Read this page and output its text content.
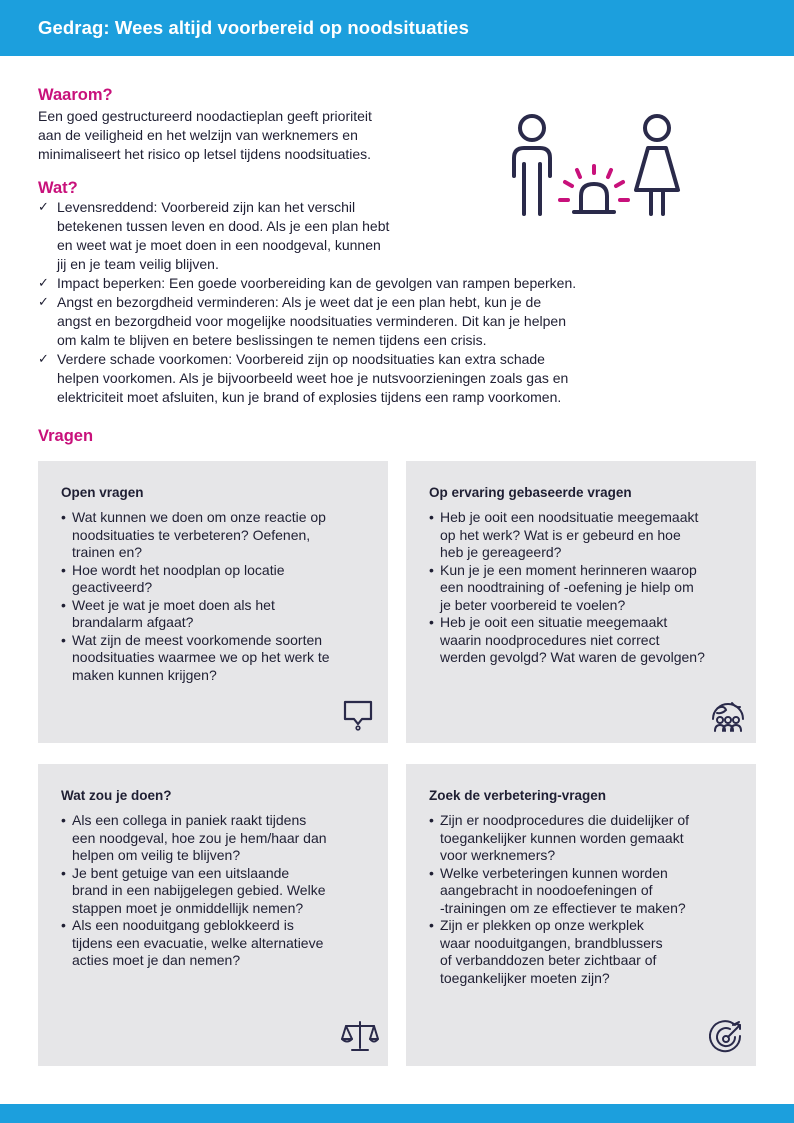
Gedrag: Wees altijd voorbereid op noodsituaties
Waarom?

Een goed gestructureerd noodactieplan geeft prioriteit
aan de veiligheid en het welzijn van werknemers en
minimaliseert het risico op letsel tijdens noodsituaties.

Wat?
✓ Levensreddend: Voorbereid zijn kan het verschil
betekenen tussen leven en dood. Als je een plan hebt
en weet wat je moet doen in een noodgeval, kunnen
jij en je team veilig blijven.
✓ Impact beperken: Een goede voorbereiding kan de gevolgen van rampen beperken.
✓ Angst en bezorgdheid verminderen: Als je weet dat je een plan hebt, kun je de
angst en bezorgdheid voor mogelijke noodsituaties verminderen. Dit kan je helpen
om kalm te blijven en betere beslissingen te nemen tijdens een crisis.
✓ Verdere schade voorkomen: Voorbereid zijn op noodsituaties kan extra schade
helpen voorkomen. Als je bijvoorbeeld weet hoe je nutsvoorzieningen zoals gas en
elektriciteit moet afsluiten, kun je brand of explosies tijdens een ramp voorkomen.
Vragen
Open vragen
• Wat kunnen we doen om onze reactie op
noodsituaties te verbeteren? Oefenen,
trainen en?
• Hoe wordt het noodplan op locatie
geactiveerd?
• Weet je wat je moet doen als het
brandalarm afgaat?
• Wat zijn de meest voorkomende soorten
noodsituaties waarmee we op het werk te
maken kunnen krijgen?
Op ervaring gebaseerde vragen
• Heb je ooit een noodsituatie meegemaakt
op het werk? Wat is er gebeurd en hoe
heb je gereageerd?
• Kun je je een moment herinneren waarop
een noodtraining of -oefening je hielp om
je beter voorbereid te voelen?
• Heb je ooit een situatie meegemaakt
waarin noodprocedures niet correct
werden gevolgd? Wat waren de gevolgen?
Wat zou je doen?
• Als een collega in paniek raakt tijdens
een noodgeval, hoe zou je hem/haar dan
helpen om veilig te blijven?
• Je bent getuige van een uitslaande
brand in een nabijgelegen gebied. Welke
stappen moet je onmiddellijk nemen?
• Als een nooduitgang geblokkeerd is
tijdens een evacuatie, welke alternatieve
acties moet je dan nemen?
Zoek de verbetering-vragen
• Zijn er noodprocedures die duidelijker of
toegankelijker kunnen worden gemaakt
voor werknemers?
• Welke verbeteringen kunnen worden
aangebracht in noodoefeningen of
-trainingen om ze effectiever te maken?
• Zijn er plekken op onze werkplek
waar nooduitgangen, brandblussers
of verbanddozen beter zichtbaar of
toegankelijker moeten zijn?
